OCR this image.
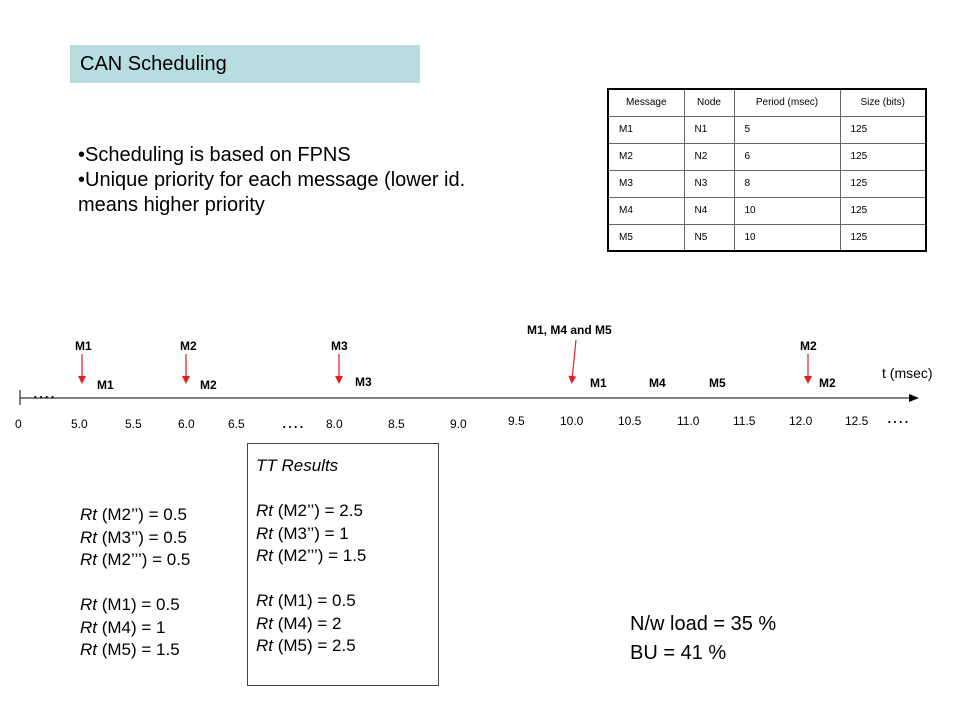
CAN Scheduling
•Scheduling is based on FPNS
•Unique priority for each message (lower id.
means higher priority
Message	Node	Period (msec)	Size (bits)
M1	N1	5	125
M2	N2	6	125
M3	N3	8	125
M4	N4	10	125
M5	N5	10	125
t (msec)
….
….	….
0	5.0	5.5	6.0	6.5	8.0	8.5	9.0	9.5	10.0	10.5	11.0	11.5	12.0	12.5
M1	M2	M3
M1, M4 and M5
M2
M1	M2	M3	M1	M4	M5	M2
Rt (M2’’) = 0.5
Rt (M3’’) = 0.5
Rt (M2’’’) = 0.5
Rt (M1) = 0.5
Rt (M4) = 1
Rt (M5) = 1.5
TT Results
Rt (M2’’) = 2.5
Rt (M3’’) = 1
Rt (M2’’’) = 1.5
Rt (M1) = 0.5
Rt (M4) = 2
Rt (M5) = 2.5
N/w load = 35 %
BU = 41 %
